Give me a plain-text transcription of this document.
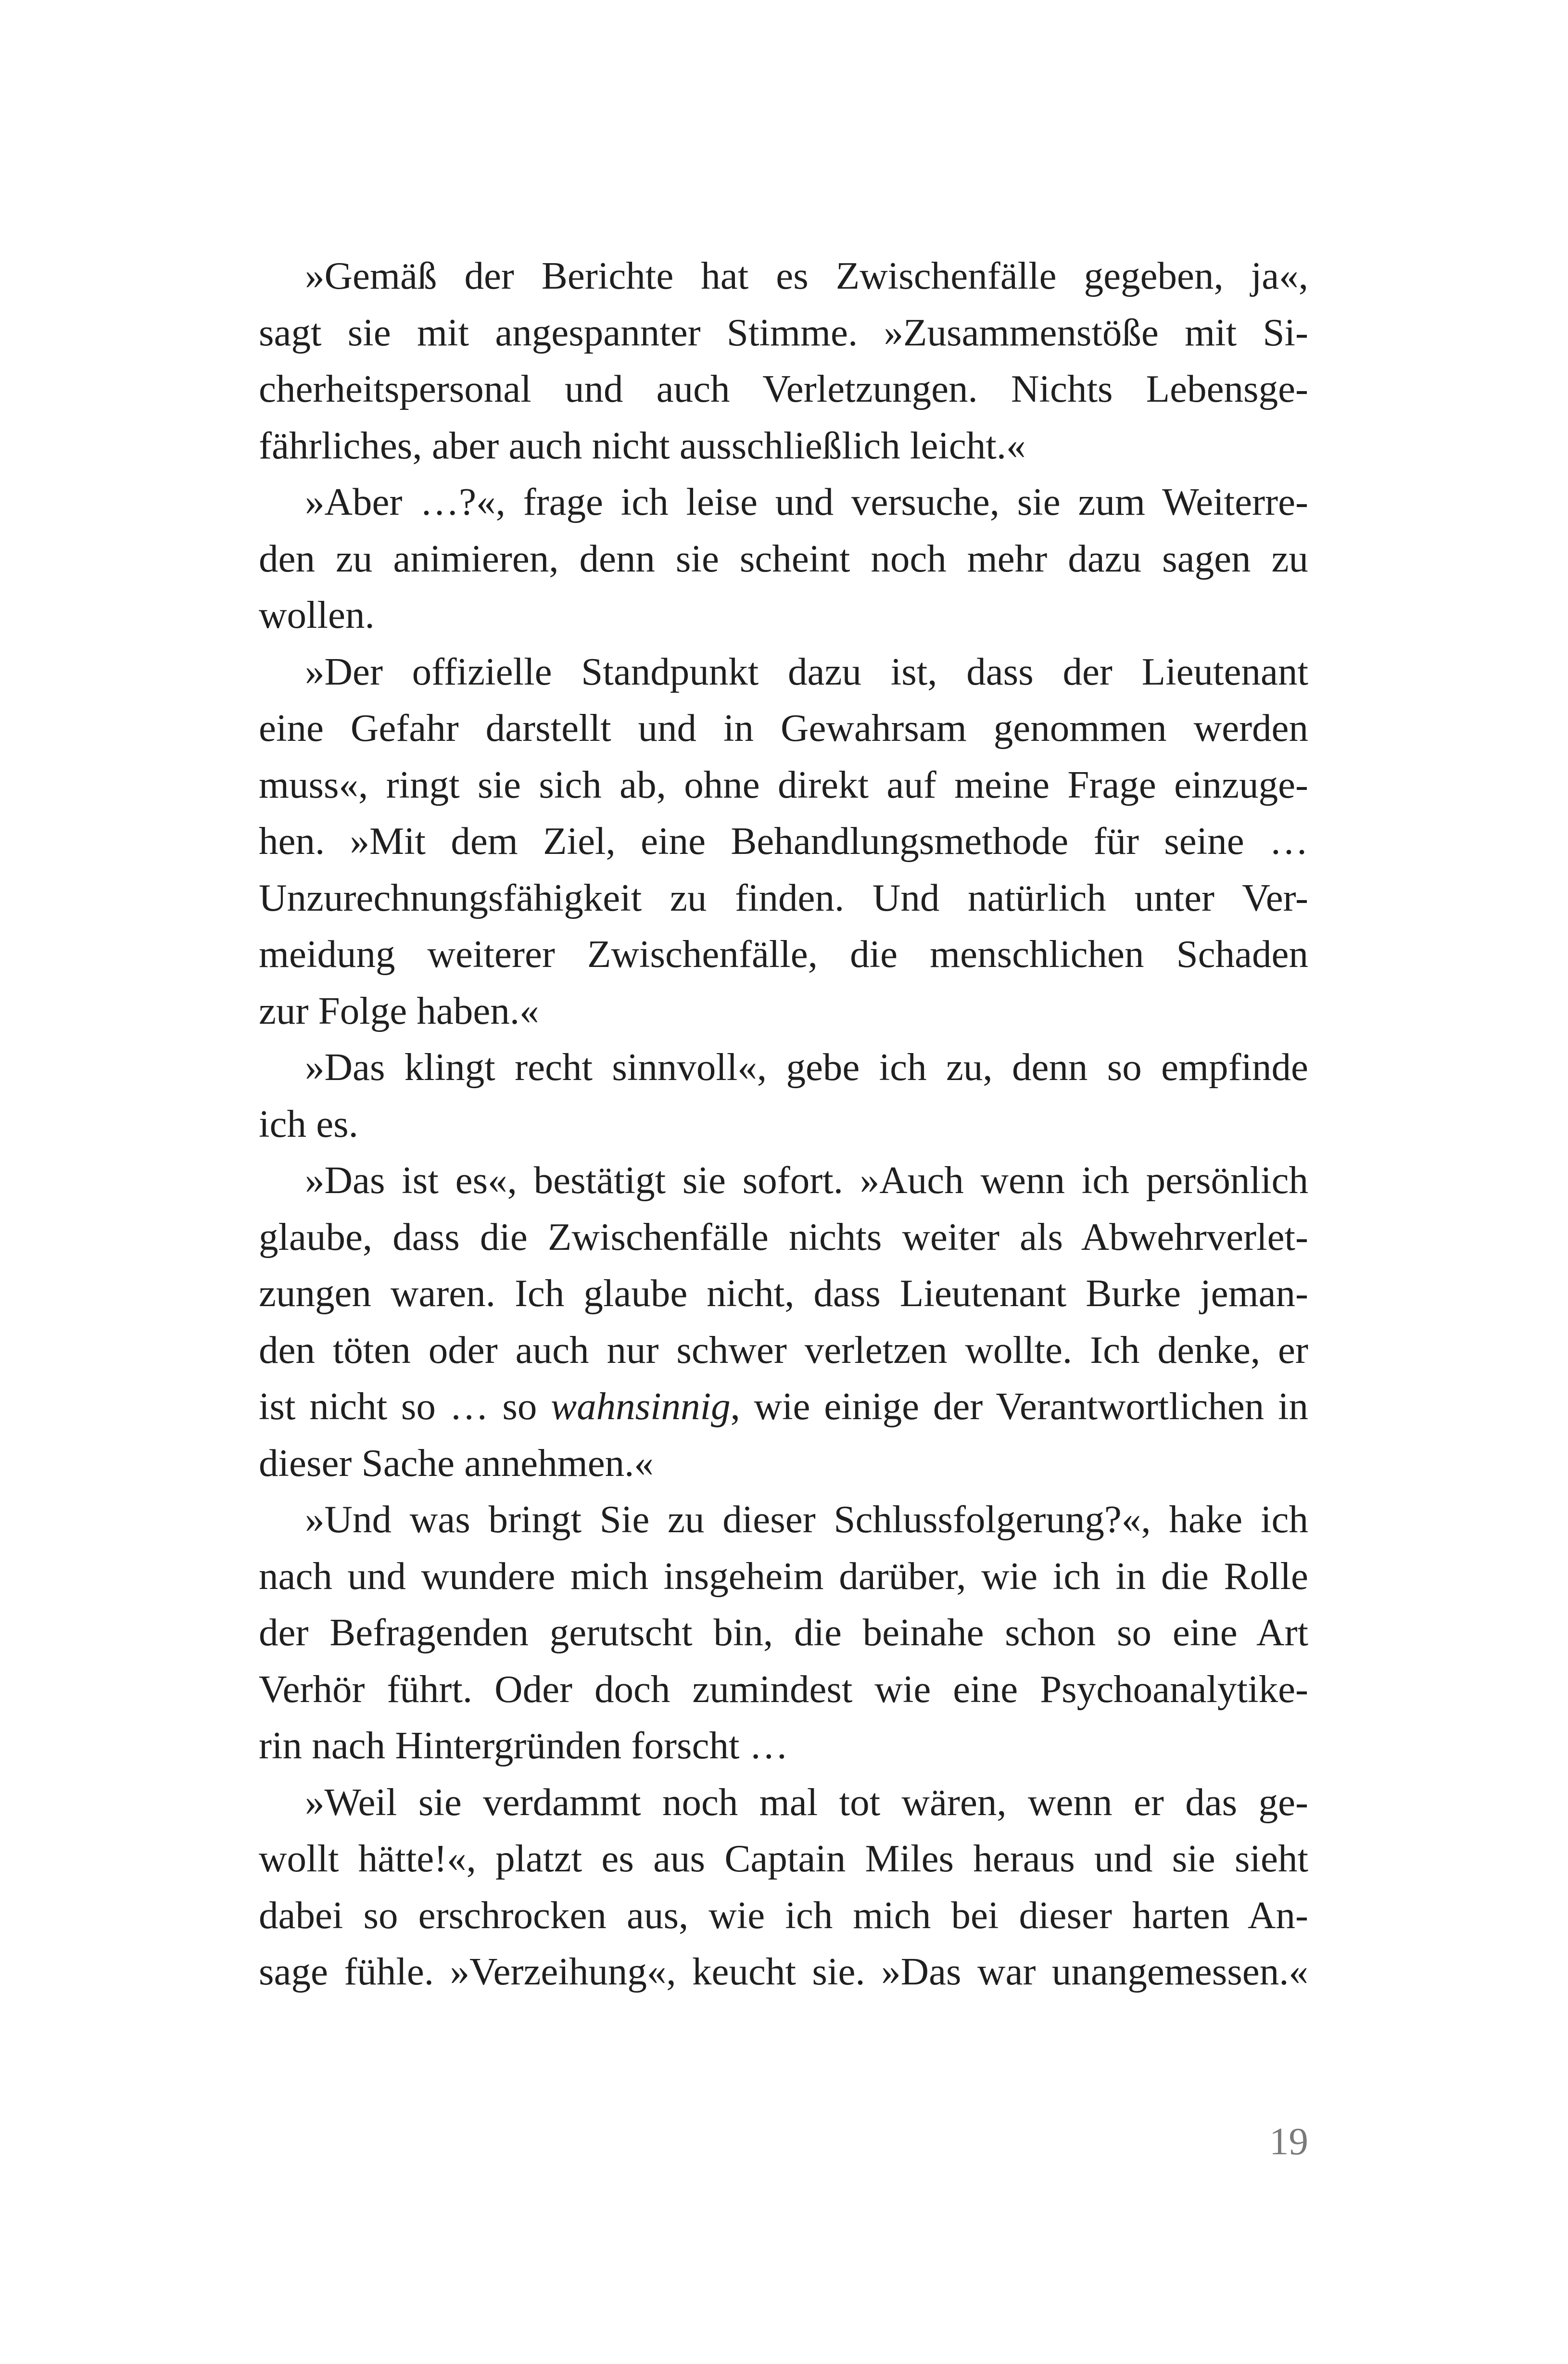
»Gemäß der Berichte hat es Zwischenfälle gegeben, ja«,
sagt sie mit angespannter Stimme. »Zusammenstöße mit Si-
cherheitspersonal und auch Verletzungen. Nichts Lebensge-
fährliches, aber auch nicht ausschließlich leicht.«
»Aber …?«, frage ich leise und versuche, sie zum Weiterre-
den zu animieren, denn sie scheint noch mehr dazu sagen zu
wollen.
»Der offizielle Standpunkt dazu ist, dass der Lieutenant
eine Gefahr darstellt und in Gewahrsam genommen werden
muss«, ringt sie sich ab, ohne direkt auf meine Frage einzuge-
hen. »Mit dem Ziel, eine Behandlungsmethode für seine …
Unzurechnungsfähigkeit zu finden. Und natürlich unter Ver-
meidung weiterer Zwischenfälle, die menschlichen Schaden
zur Folge haben.«
»Das klingt recht sinnvoll«, gebe ich zu, denn so empfinde
ich es.
»Das ist es«, bestätigt sie sofort. »Auch wenn ich persönlich
glaube, dass die Zwischenfälle nichts weiter als Abwehrverlet-
zungen waren. Ich glaube nicht, dass Lieutenant Burke jeman-
den töten oder auch nur schwer verletzen wollte. Ich denke, er
ist nicht so … so wahnsinnig, wie einige der Verantwortlichen in
dieser Sache annehmen.«
»Und was bringt Sie zu dieser Schlussfolgerung?«, hake ich
nach und wundere mich insgeheim darüber, wie ich in die Rolle
der Befragenden gerutscht bin, die beinahe schon so eine Art
Verhör führt. Oder doch zumindest wie eine Psychoanalytike-
rin nach Hintergründen forscht …
»Weil sie verdammt noch mal tot wären, wenn er das ge-
wollt hätte!«, platzt es aus Captain Miles heraus und sie sieht
dabei so erschrocken aus, wie ich mich bei dieser harten An-
sage fühle. »Verzeihung«, keucht sie. »Das war unangemessen.«
19
